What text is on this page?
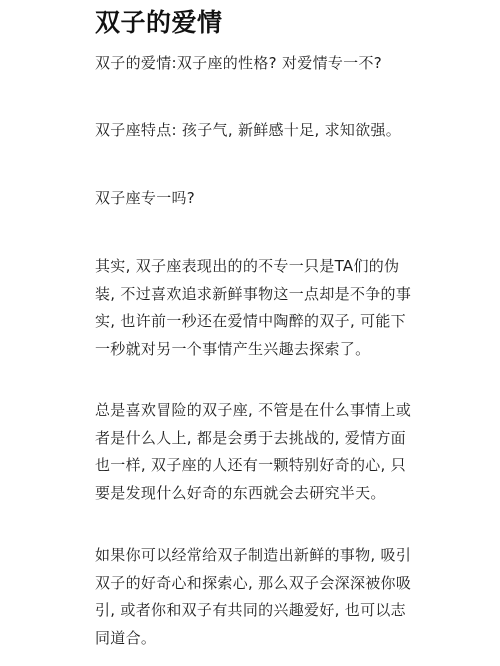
双子的爱情

双子的爱情:双子座的性格? 对爱情专一不?

双子座特点: 孩子气, 新鲜感十足, 求知欲强。

双子座专一吗?

其实, 双子座表现出的的不专一只是TA们的伪
装, 不过喜欢追求新鲜事物这一点却是不争的事
实, 也许前一秒还在爱情中陶醉的双子, 可能下
一秒就对另一个事情产生兴趣去探索了。

总是喜欢冒险的双子座, 不管是在什么事情上或
者是什么人上, 都是会勇于去挑战的, 爱情方面
也一样, 双子座的人还有一颗特别好奇的心, 只
要是发现什么好奇的东西就会去研究半天。

如果你可以经常给双子制造出新鲜的事物, 吸引
双子的好奇心和探索心, 那么双子会深深被你吸
引, 或者你和双子有共同的兴趣爱好, 也可以志
同道合。
